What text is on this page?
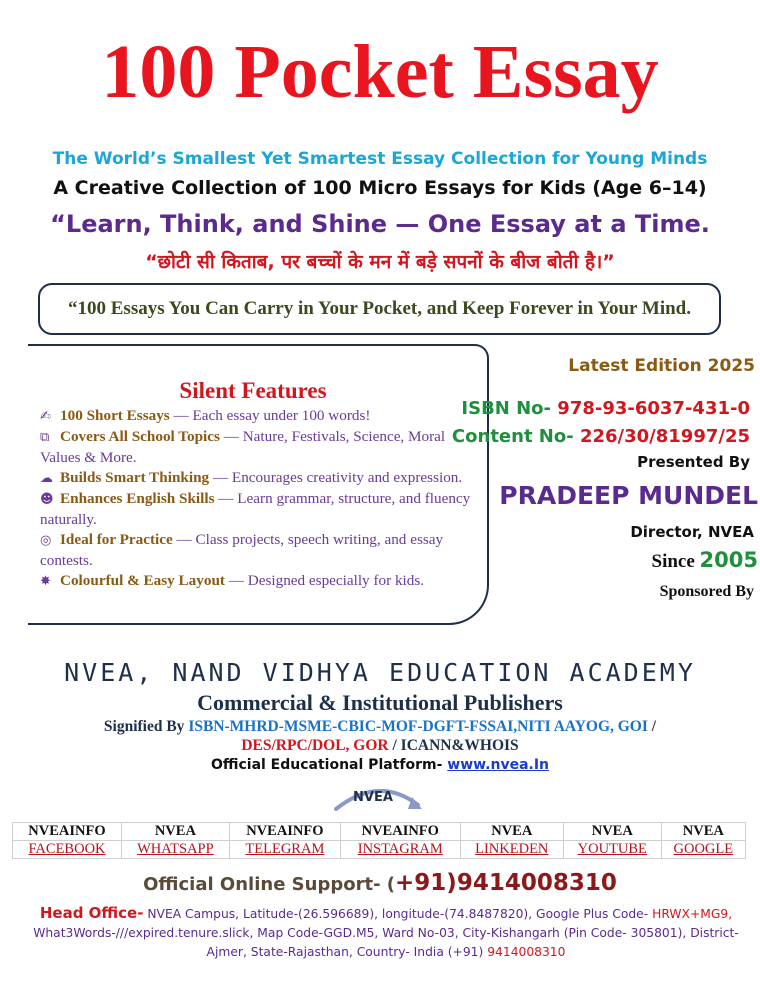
100 Pocket Essay
The World’s Smallest Yet Smartest Essay Collection for Young Minds
A Creative Collection of 100 Micro Essays for Kids (Age 6–14)
“Learn, Think, and Shine — One Essay at a Time.
“छोटी सी किताब, पर बच्चों के मन में बड़े सपनों के बीज बोती है।”
“100 Essays You Can Carry in Your Pocket, and Keep Forever in Your Mind.
Silent Features
✍ 100 Short Essays — Each essay under 100 words!
⧉ Covers All School Topics — Nature, Festivals, Science, Moral Values & More.
☁ Builds Smart Thinking — Encourages creativity and expression.
☻ Enhances English Skills — Learn grammar, structure, and fluency naturally.
◎ Ideal for Practice — Class projects, speech writing, and essay contests.
✸ Colourful & Easy Layout — Designed especially for kids.
Latest Edition 2025
ISBN No- 978-93-6037-431-0
Content No- 226/30/81997/25
Presented By
PRADEEP MUNDEL
Director, NVEA
Since 2005
Sponsored By
NVEA, NAND VIDHYA EDUCATION ACADEMY
Commercial & Institutional Publishers
Signified By ISBN-MHRD-MSME-CBIC-MOF-DGFT-FSSAI,NITI AAYOG, GOI /
DES/RPC/DOL, GOR / ICANN&WHOIS
Official Educational Platform- www.nvea.In
NVEA
NVEAINFO	NVEA	NVEAINFO	NVEAINFO	NVEA	NVEA	NVEA
FACEBOOK	WHATSAPP	TELEGRAM	INSTAGRAM	LINKEDEN	YOUTUBE	GOOGLE
Official Online Support- (+91)9414008310
Head Office- NVEA Campus, Latitude-(26.596689), longitude-(74.8487820), Google Plus Code- HRWX+MG9, What3Words-///expired.tenure.slick, Map Code-GGD.M5, Ward No-03, City-Kishangarh (Pin Code- 305801), District-Ajmer, State-Rajasthan, Country- India (+91) 9414008310
